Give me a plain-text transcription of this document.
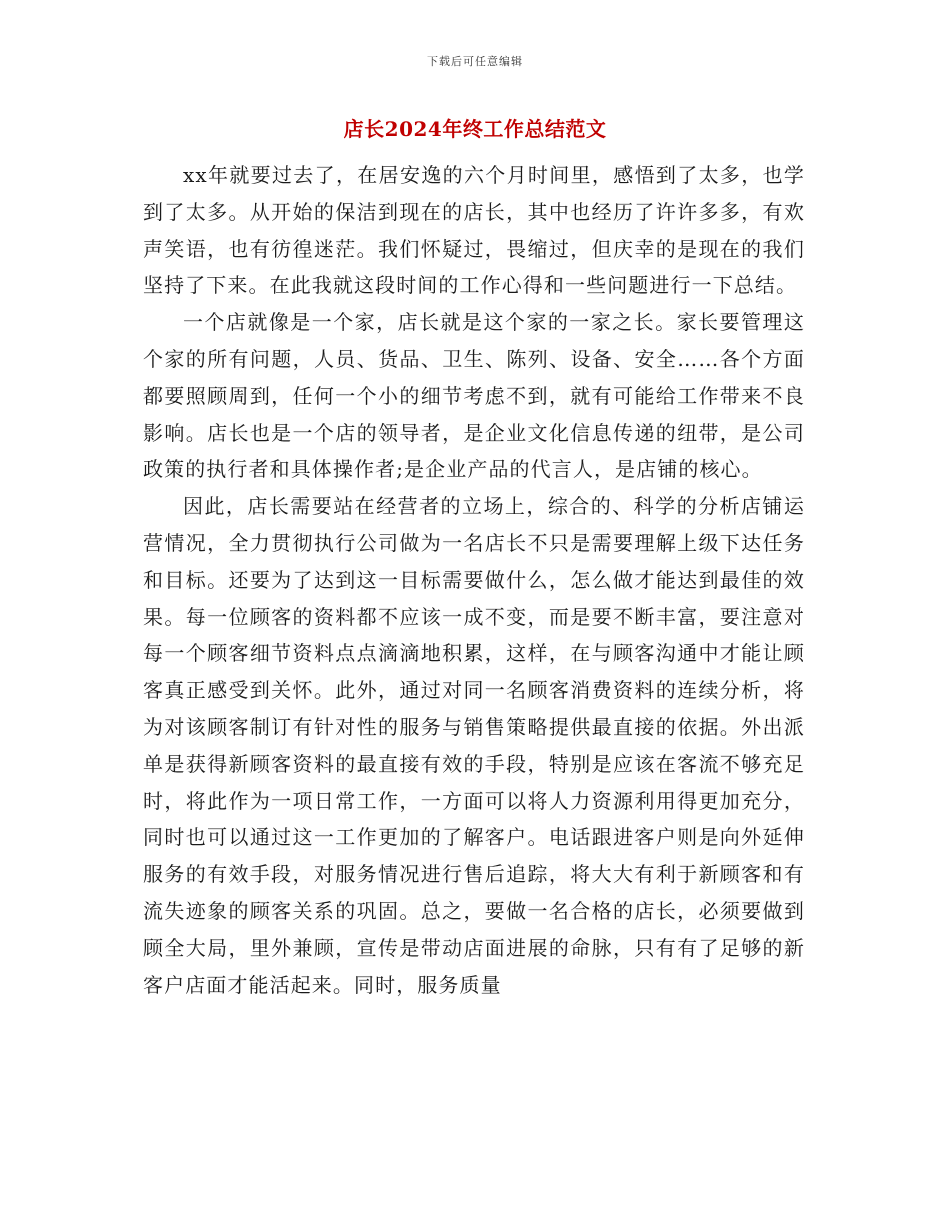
下载后可任意编辑
店长2024年终工作总结范文

xx年就要过去了，在居安逸的六个月时间里，感悟到了太多，也学到了太多。从开始的保洁到现在的店长，其中也经历了许许多多，有欢声笑语，也有彷徨迷茫。我们怀疑过，畏缩过，但庆幸的是现在的我们坚持了下来。在此我就这段时间的工作心得和一些问题进行一下总结。

一个店就像是一个家，店长就是这个家的一家之长。家长要管理这个家的所有问题，人员、货品、卫生、陈列、设备、安全……各个方面都要照顾周到，任何一个小的细节考虑不到，就有可能给工作带来不良影响。店长也是一个店的领导者，是企业文化信息传递的纽带，是公司政策的执行者和具体操作者;是企业产品的代言人，是店铺的核心。

因此，店长需要站在经营者的立场上，综合的、科学的分析店铺运营情况，全力贯彻执行公司做为一名店长不只是需要理解上级下达任务和目标。还要为了达到这一目标需要做什么，怎么做才能达到最佳的效果。每一位顾客的资料都不应该一成不变，而是要不断丰富，要注意对每一个顾客细节资料点点滴滴地积累，这样，在与顾客沟通中才能让顾客真正感受到关怀。此外，通过对同一名顾客消费资料的连续分析，将为对该顾客制订有针对性的服务与销售策略提供最直接的依据。外出派单是获得新顾客资料的最直接有效的手段，特别是应该在客流不够充足时，将此作为一项日常工作，一方面可以将人力资源利用得更加充分，同时也可以通过这一工作更加的了解客户。电话跟进客户则是向外延伸服务的有效手段，对服务情况进行售后追踪，将大大有利于新顾客和有流失迹象的顾客关系的巩固。总之，要做一名合格的店长，必须要做到顾全大局，里外兼顾，宣传是带动店面进展的命脉，只有有了足够的新客户店面才能活起来。同时，服务质量
